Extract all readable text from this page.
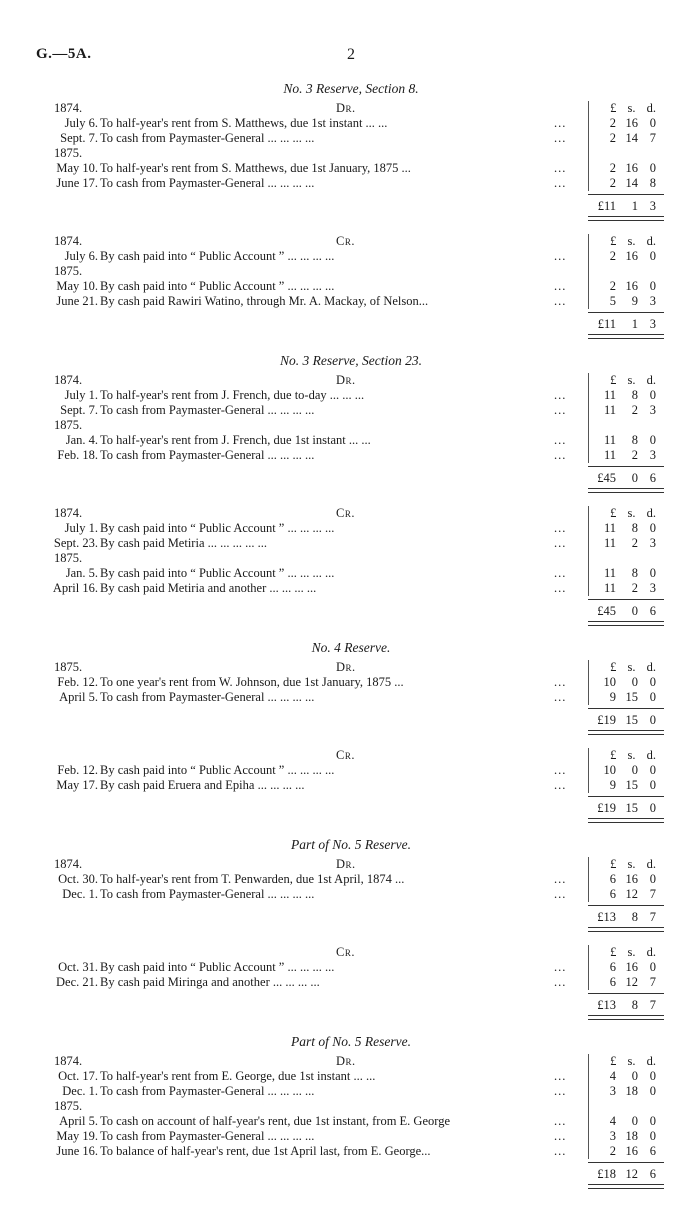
G.—5A.	2
No. 3 Reserve, Section 8.
1874.	Dr.	£ s. d.
July 6. To half-year's rent from S. Matthews, due 1st instant ... ...	...	2 16 0
Sept. 7. To cash from Paymaster-General ... ... ... ...	...	2 14 7
1875.
May 10. To half-year's rent from S. Matthews, due 1st January, 1875 ...	...	2 16 0
June 17. To cash from Paymaster-General ... ... ... ...	...	2 14 8
£11	1 3
1874.	Cr.	£ s. d.
July 6. By cash paid into “ Public Account ” ... ... ... ...	...	2 16 0
1875.
May 10. By cash paid into “ Public Account ” ... ... ... ...	...	2 16 0
June 21. By cash paid Rawiri Watino, through Mr. A. Mackay, of Nelson...	...	5	9 3
£11	1 3
No. 3 Reserve, Section 23.
1874.	Dr.	£ s. d.
July 1. To half-year's rent from J. French, due to-day ... ... ...	...	11	8 0
Sept. 7. To cash from Paymaster-General ... ... ... ...	...	11	2 3
1875.
Jan. 4. To half-year's rent from J. French, due 1st instant ... ...	...	11	8 0
Feb. 18. To cash from Paymaster-General ... ... ... ...	...	11	2 3
£45	0 6
1874.	Cr.	£ s. d.
July 1. By cash paid into “ Public Account ” ... ... ... ...	...	11	8 0
Sept. 23. By cash paid Metiria ... ... ... ... ...	...	11	2 3
1875.
Jan. 5. By cash paid into “ Public Account ” ... ... ... ...	...	11	8 0
April 16. By cash paid Metiria and another ... ... ... ...	...	11	2 3
£45	0 6
No. 4 Reserve.
1875.	Dr.	£ s. d.
Feb. 12. To one year's rent from W. Johnson, due 1st January, 1875 ...	...	10	0 0
April 5. To cash from Paymaster-General ... ... ... ...	...	9 15 0
£19 15 0
Cr.	£ s. d.
Feb. 12. By cash paid into “ Public Account ” ... ... ... ...	...	10	0 0
May 17. By cash paid Eruera and Epiha ... ... ... ...	...	9 15 0
£19 15 0
Part of No. 5 Reserve.
1874.	Dr.	£ s. d.
Oct. 30. To half-year's rent from T. Penwarden, due 1st April, 1874 ...	...	6 16 0
Dec. 1. To cash from Paymaster-General ... ... ... ...	...	6 12 7
£13	8 7
Cr.	£ s. d.
Oct. 31. By cash paid into “ Public Account ” ... ... ... ...	...	6 16 0
Dec. 21. By cash paid Miringa and another ... ... ... ...	...	6 12 7
£13	8 7
Part of No. 5 Reserve.
1874.	Dr.	£ s. d.
Oct. 17. To half-year's rent from E. George, due 1st instant ... ...	...	4	0 0
Dec. 1. To cash from Paymaster-General ... ... ... ...	...	3 18 0
1875.
April 5. To cash on account of half-year's rent, due 1st instant, from E. George	...	4	0 0
May 19. To cash from Paymaster-General ... ... ... ...	...	3 18 0
June 16. To balance of half-year's rent, due 1st April last, from E. George...	...	2 16 6
£18 12 6
